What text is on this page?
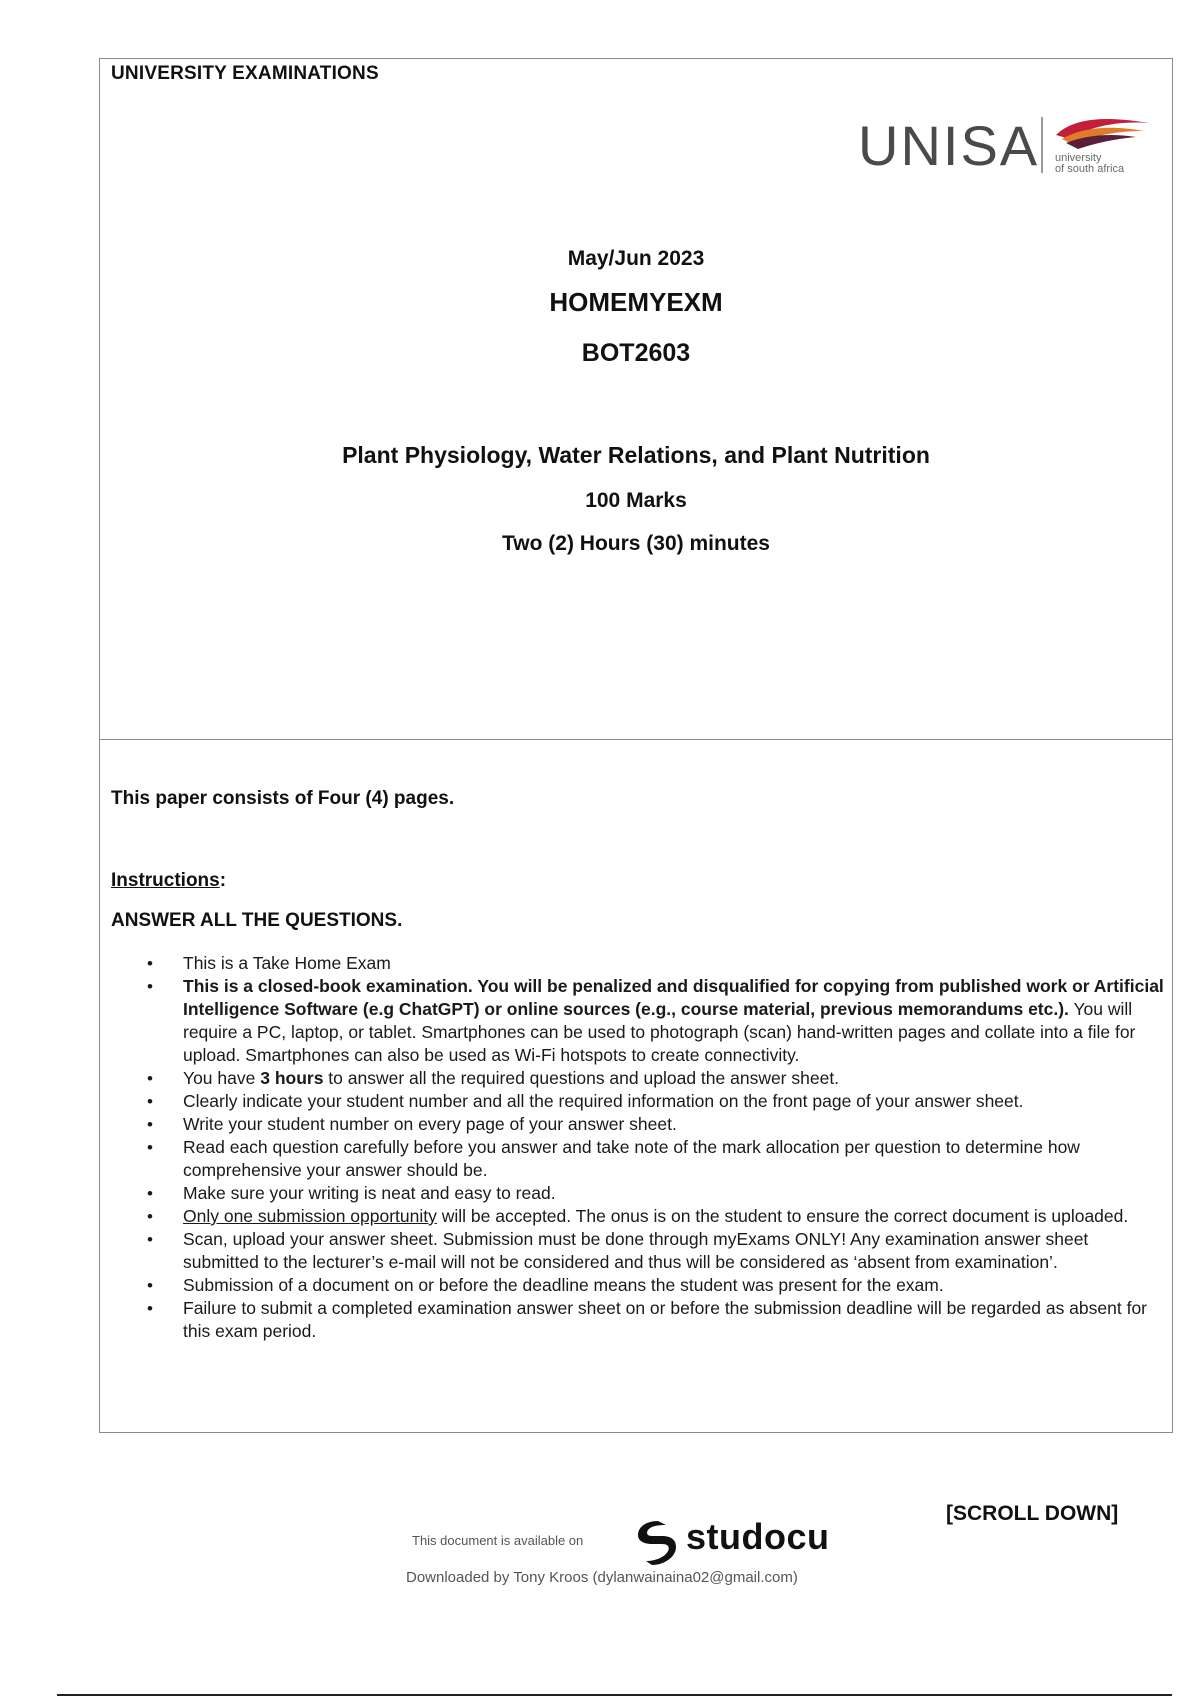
UNIVERSITY EXAMINATIONS
UNISA university
of south africa
May/Jun 2023
HOMEMYEXM
BOT2603
Plant Physiology, Water Relations, and Plant Nutrition
100 Marks
Two (2) Hours (30) minutes
This paper consists of Four (4) pages.
Instructions:
ANSWER ALL THE QUESTIONS.
• This is a Take Home Exam
• This is a closed-book examination. You will be penalized and disqualified for copying from published work or Artificial Intelligence Software (e.g ChatGPT) or online sources (e.g., course material, previous memorandums etc.). You will require a PC, laptop, or tablet. Smartphones can be used to photograph (scan) hand-written pages and collate into a file for upload. Smartphones can also be used as Wi-Fi hotspots to create connectivity.
• You have 3 hours to answer all the required questions and upload the answer sheet.
• Clearly indicate your student number and all the required information on the front page of your answer sheet.
• Write your student number on every page of your answer sheet.
• Read each question carefully before you answer and take note of the mark allocation per question to determine how comprehensive your answer should be.
• Make sure your writing is neat and easy to read.
• Only one submission opportunity will be accepted. The onus is on the student to ensure the correct document is uploaded.
• Scan, upload your answer sheet. Submission must be done through myExams ONLY! Any examination answer sheet submitted to the lecturer’s e-mail will not be considered and thus will be considered as ‘absent from examination’.
• Submission of a document on or before the deadline means the student was present for the exam.
• Failure to submit a completed examination answer sheet on or before the submission deadline will be regarded as absent for this exam period.
[SCROLL DOWN]
This document is available on	studocu
Downloaded by Tony Kroos (dylanwainaina02@gmail.com)
